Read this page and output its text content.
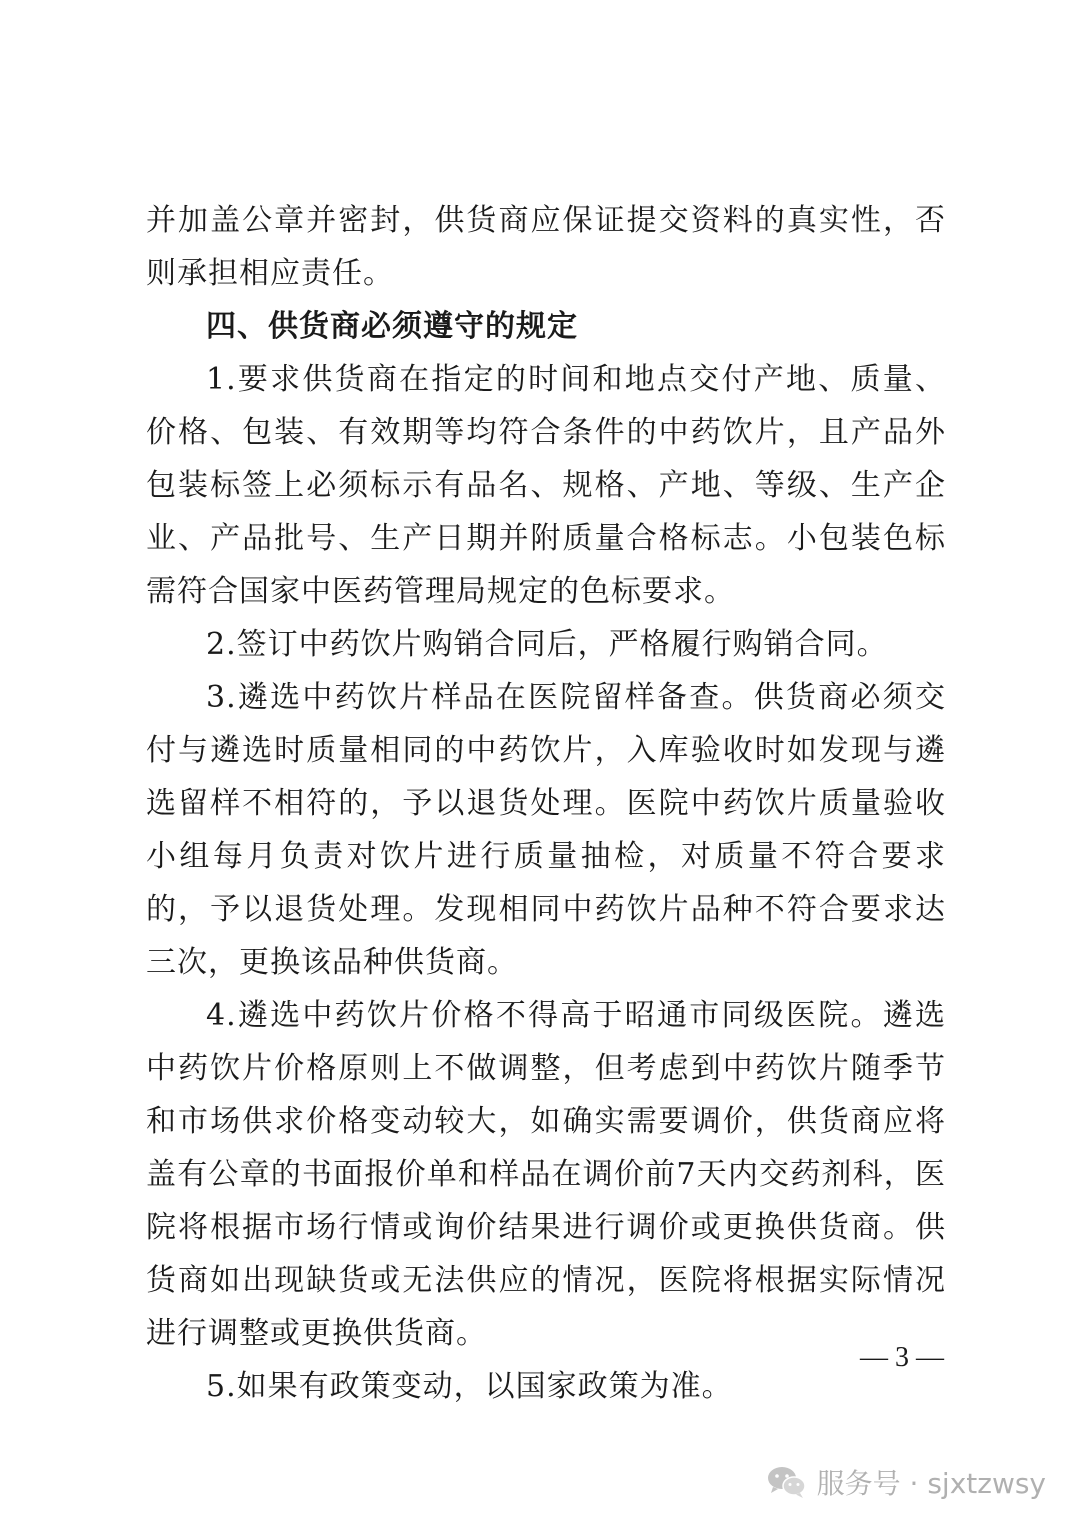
并加盖公章并密封，供货商应保证提交资料的真实性，否则承担相应责任。

四、供货商必须遵守的规定

1.要求供货商在指定的时间和地点交付产地、质量、价格、包装、有效期等均符合条件的中药饮片，且产品外包装标签上必须标示有品名、规格、产地、等级、生产企业、产品批号、生产日期并附质量合格标志。小包装色标需符合国家中医药管理局规定的色标要求。

2.签订中药饮片购销合同后，严格履行购销合同。

3.遴选中药饮片样品在医院留样备查。供货商必须交付与遴选时质量相同的中药饮片，入库验收时如发现与遴选留样不相符的，予以退货处理。医院中药饮片质量验收小组每月负责对饮片进行质量抽检，对质量不符合要求的，予以退货处理。发现相同中药饮片品种不符合要求达三次，更换该品种供货商。

4.遴选中药饮片价格不得高于昭通市同级医院。遴选中药饮片价格原则上不做调整，但考虑到中药饮片随季节和市场供求价格变动较大，如确实需要调价，供货商应将盖有公章的书面报价单和样品在调价前7天内交药剂科，医院将根据市场行情或询价结果进行调价或更换供货商。供货商如出现缺货或无法供应的情况，医院将根据实际情况进行调整或更换供货商。

5.如果有政策变动，以国家政策为准。

— 3 —
服务号 · sjxtzwsy
